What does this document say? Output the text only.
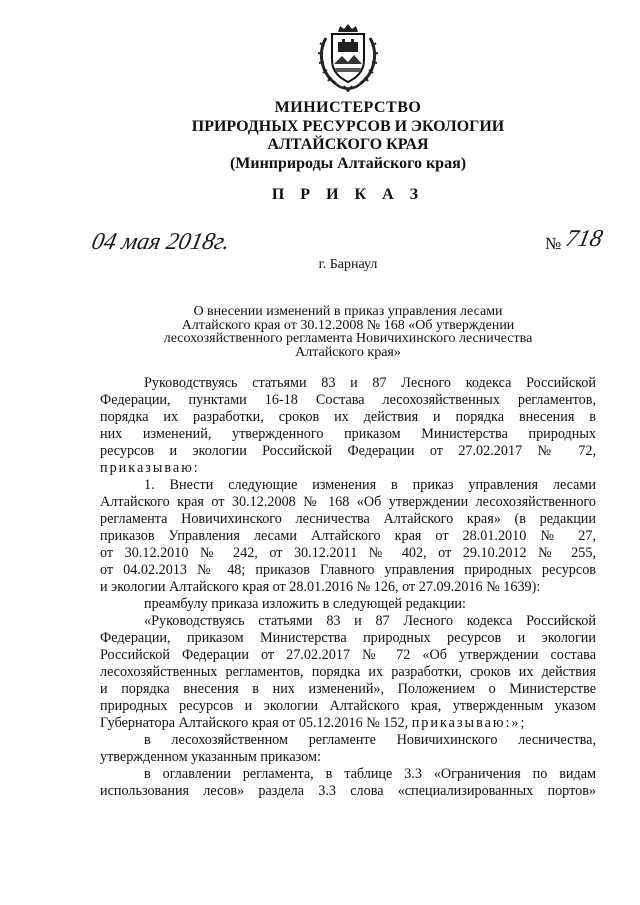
МИНИСТЕРСТВО
ПРИРОДНЫХ РЕСУРСОВ И ЭКОЛОГИИ
АЛТАЙСКОГО КРАЯ
(Минприроды Алтайского края)
П Р И К А З
04 мая 2018г.	№ 718
г. Барнаул
О внесении изменений в приказ управления лесами
Алтайского края от 30.12.2008 № 168 «Об утверждении
лесохозяйственного регламента Новичихинского лесничества
Алтайского края»
Руководствуясь статьями 83 и 87 Лесного кодекса Российской
Федерации, пунктами 16-18 Состава лесохозяйственных регламентов,
порядка их разработки, сроков их действия и порядка внесения в
них изменений, утвержденного приказом Министерства природных
ресурсов и экологии Российской Федерации от 27.02.2017 № 72,
приказываю:
1. Внести следующие изменения в приказ управления лесами
Алтайского края от 30.12.2008 № 168 «Об утверждении лесохозяйственного
регламента Новичихинского лесничества Алтайского края» (в редакции
приказов Управления лесами Алтайского края от 28.01.2010 № 27,
от 30.12.2010 № 242, от 30.12.2011 № 402, от 29.10.2012 № 255,
от 04.02.2013 № 48; приказов Главного управления природных ресурсов
и экологии Алтайского края от 28.01.2016 № 126, от 27.09.2016 № 1639):
преамбулу приказа изложить в следующей редакции:
«Руководствуясь статьями 83 и 87 Лесного кодекса Российской
Федерации, приказом Министерства природных ресурсов и экологии
Российской Федерации от 27.02.2017 № 72 «Об утверждении состава
лесохозяйственных регламентов, порядка их разработки, сроков их действия
и порядка внесения в них изменений», Положением о Министерстве
природных ресурсов и экологии Алтайского края, утвержденным указом
Губернатора Алтайского края от 05.12.2016 № 152, приказываю:»;
в лесохозяйственном регламенте Новичихинского лесничества,
утвержденном указанным приказом:
в оглавлении регламента, в таблице 3.3 «Ограничения по видам
использования лесов» раздела 3.3 слова «специализированных портов»
